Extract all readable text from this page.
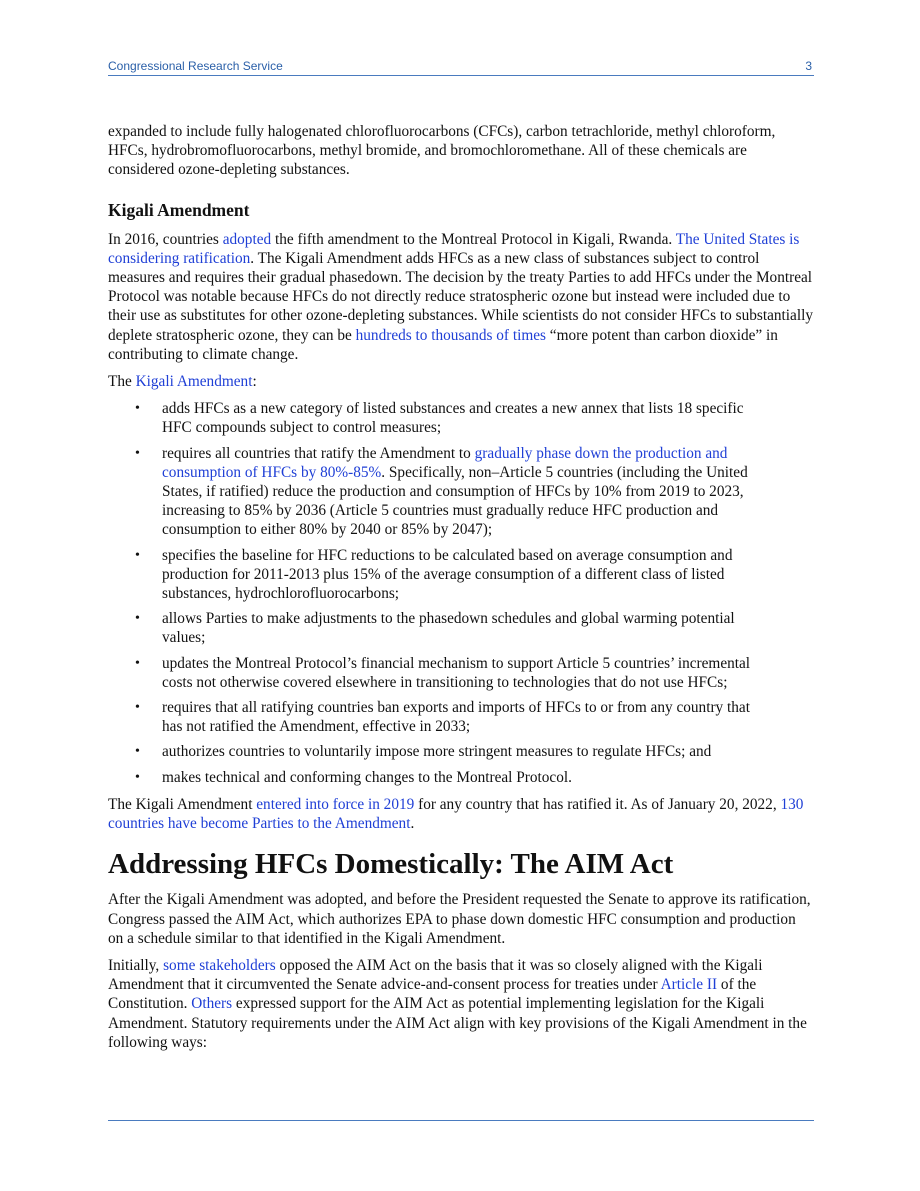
Congressional Research Service	3

expanded to include fully halogenated chlorofluorocarbons (CFCs), carbon tetrachloride, methyl chloroform, HFCs, hydrobromofluorocarbons, methyl bromide, and bromochloromethane. All of these chemicals are considered ozone-depleting substances.

Kigali Amendment

In 2016, countries adopted the fifth amendment to the Montreal Protocol in Kigali, Rwanda. The United States is considering ratification. The Kigali Amendment adds HFCs as a new class of substances subject to control measures and requires their gradual phasedown. The decision by the treaty Parties to add HFCs under the Montreal Protocol was notable because HFCs do not directly reduce stratospheric ozone but instead were included due to their use as substitutes for other ozone-depleting substances. While scientists do not consider HFCs to substantially deplete stratospheric ozone, they can be hundreds to thousands of times “more potent than carbon dioxide” in contributing to climate change.

The Kigali Amendment:

• adds HFCs as a new category of listed substances and creates a new annex that lists 18 specific HFC compounds subject to control measures;
• requires all countries that ratify the Amendment to gradually phase down the production and consumption of HFCs by 80%-85%. Specifically, non–Article 5 countries (including the United States, if ratified) reduce the production and consumption of HFCs by 10% from 2019 to 2023, increasing to 85% by 2036 (Article 5 countries must gradually reduce HFC production and consumption to either 80% by 2040 or 85% by 2047);
• specifies the baseline for HFC reductions to be calculated based on average consumption and production for 2011-2013 plus 15% of the average consumption of a different class of listed substances, hydrochlorofluorocarbons;
• allows Parties to make adjustments to the phasedown schedules and global warming potential values;
• updates the Montreal Protocol’s financial mechanism to support Article 5 countries’ incremental costs not otherwise covered elsewhere in transitioning to technologies that do not use HFCs;
• requires that all ratifying countries ban exports and imports of HFCs to or from any country that has not ratified the Amendment, effective in 2033;
• authorizes countries to voluntarily impose more stringent measures to regulate HFCs; and
• makes technical and conforming changes to the Montreal Protocol.

The Kigali Amendment entered into force in 2019 for any country that has ratified it. As of January 20, 2022, 130 countries have become Parties to the Amendment.

Addressing HFCs Domestically: The AIM Act

After the Kigali Amendment was adopted, and before the President requested the Senate to approve its ratification, Congress passed the AIM Act, which authorizes EPA to phase down domestic HFC consumption and production on a schedule similar to that identified in the Kigali Amendment.

Initially, some stakeholders opposed the AIM Act on the basis that it was so closely aligned with the Kigali Amendment that it circumvented the Senate advice-and-consent process for treaties under Article II of the Constitution. Others expressed support for the AIM Act as potential implementing legislation for the Kigali Amendment. Statutory requirements under the AIM Act align with key provisions of the Kigali Amendment in the following ways:
